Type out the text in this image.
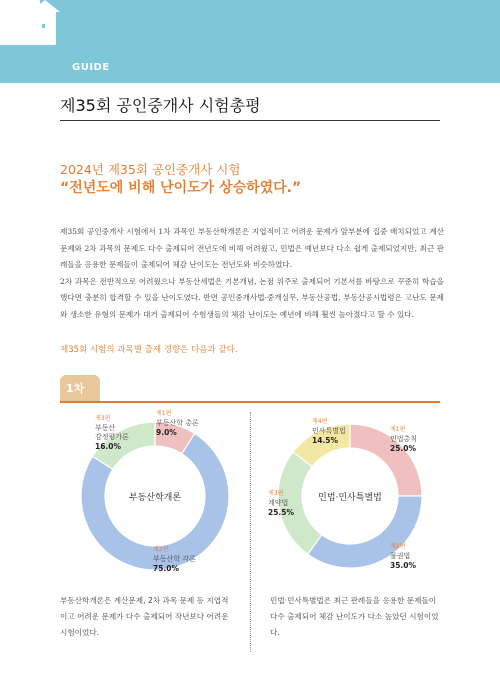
GUIDE
제35회 공인중개사 시험총평
2024년 제35회 공인중개사 시험
“전년도에 비해 난이도가 상승하였다.”

제35회 공인중개사 시험에서 1차 과목인 부동산학개론은 지엽적이고 어려운 문제가 앞부분에 집중 배치되었고 계산문제와 2차 과목의 문제도 다수 출제되어 전년도에 비해 어려웠고, 민법은 예년보다 다소 쉽게 출제되었지만, 최근 판례들을 응용한 문제들이 출제되어 체감 난이도는 전년도와 비슷하였다.

2차 과목은 전반적으로 어려웠으나 부동산세법은 기본개념, 논점 위주로 출제되어 기본서를 바탕으로 꾸준히 학습을 했다면 충분히 합격할 수 있을 난이도였다. 반면 공인중개사법·중개실무, 부동산공법, 부동산공시법령은 고난도 문제와 생소한 유형의 문제가 대거 출제되어 수험생들의 체감 난이도는 예년에 비해 훨씬 높아졌다고 할 수 있다.

제35회 시험의 과목별 출제 경향은 다음과 같다.
1차
제1편
부동산학 총론
9.0%
제2편
부동산학 각론
75.0%
제3편
부동산
감정평가론
16.0%
부동산학개론
제1편
민법총칙
25.0%
제2편
물권법
35.0%
제3편
계약법
25.5%
제4편
민사특별법
14.5%
민법·민사특별법
부동산학개론은 계산문제, 2차 과목 문제 등 지엽적이고 어려운 문제가 다수 출제되어 작년보다 어려운 시험이었다.
민법·민사특별법은 최근 판례들을 응용한 문제들이 다수 출제되어 체감 난이도가 다소 높았던 시험이었다.
